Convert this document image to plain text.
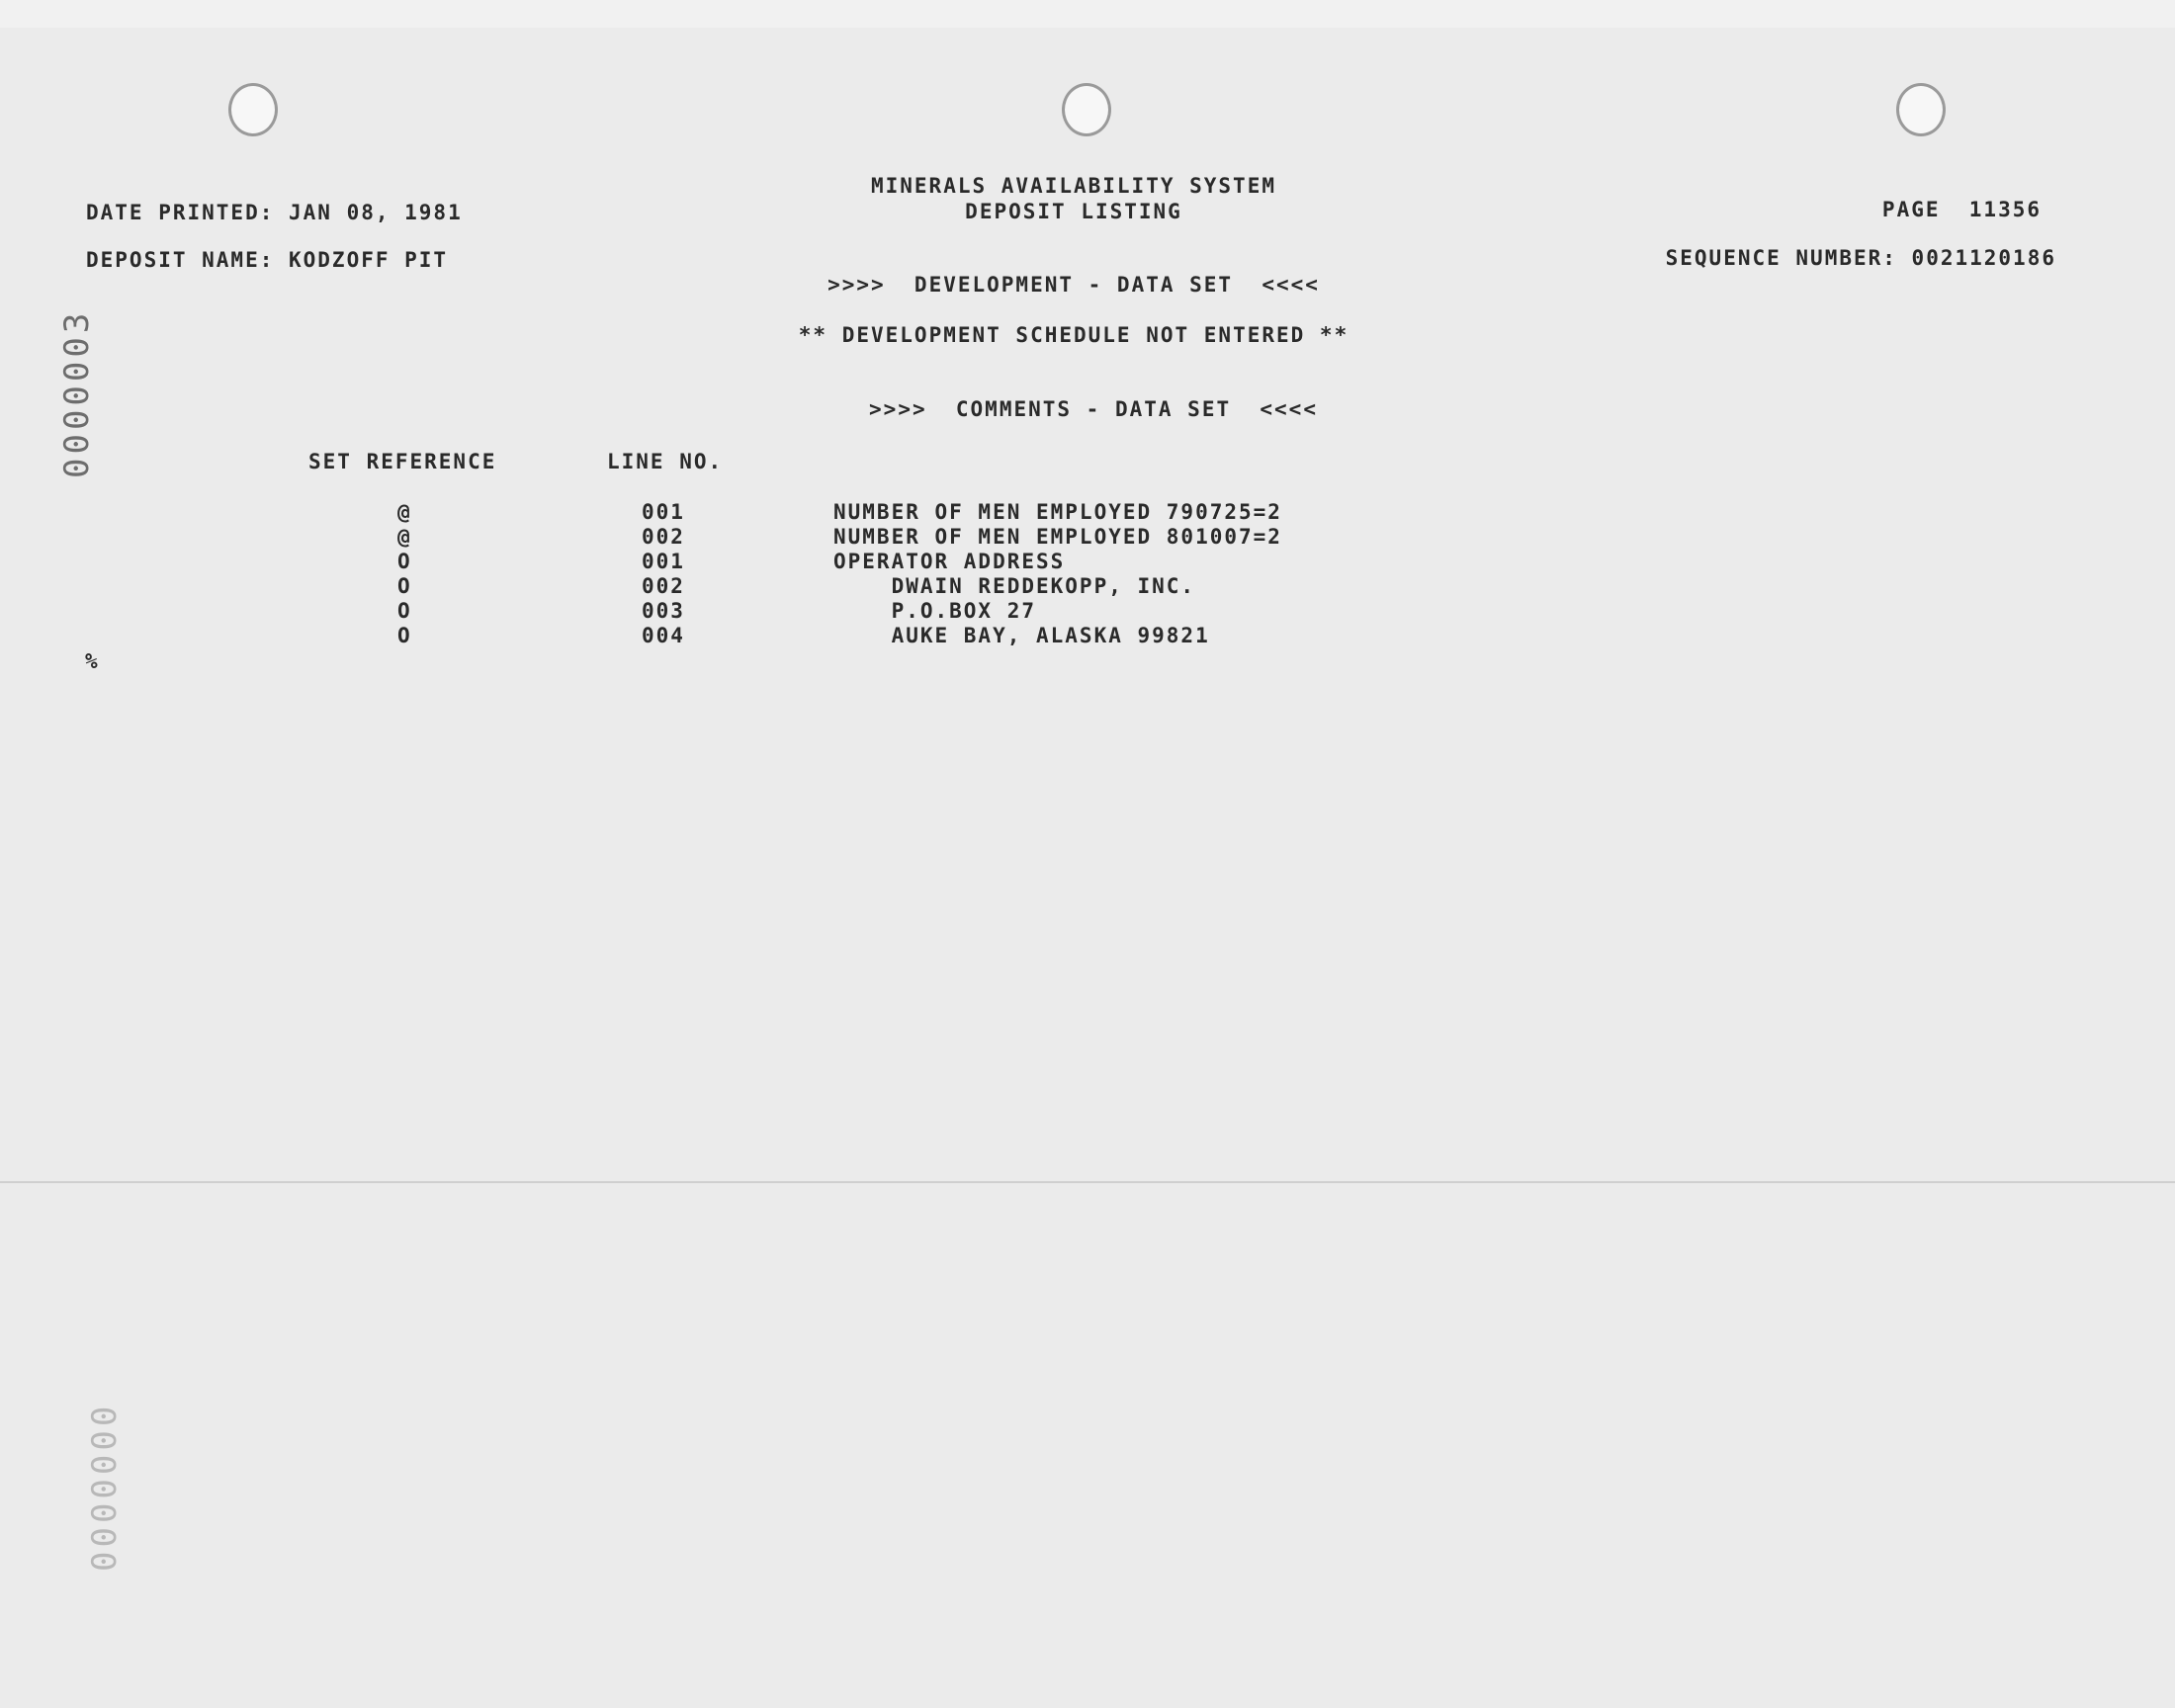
0000003
0000000
MINERALS AVAILABILITY SYSTEM
DEPOSIT LISTING
DATE PRINTED: JAN 08, 1981	PAGE  11356
DEPOSIT NAME: KODZOFF PIT	SEQUENCE NUMBER: 0021120186
>>>>  DEVELOPMENT - DATA SET  <<<<
** DEVELOPMENT SCHEDULE NOT ENTERED **
>>>>  COMMENTS - DATA SET  <<<<
SET REFERENCE	LINE NO.
@	001	NUMBER OF MEN EMPLOYED 790725=2
@	002	NUMBER OF MEN EMPLOYED 801007=2
O	001	OPERATOR ADDRESS
O	002	DWAIN REDDEKOPP, INC.
O	003	P.O.BOX 27
O	004	AUKE BAY, ALASKA 99821
%
